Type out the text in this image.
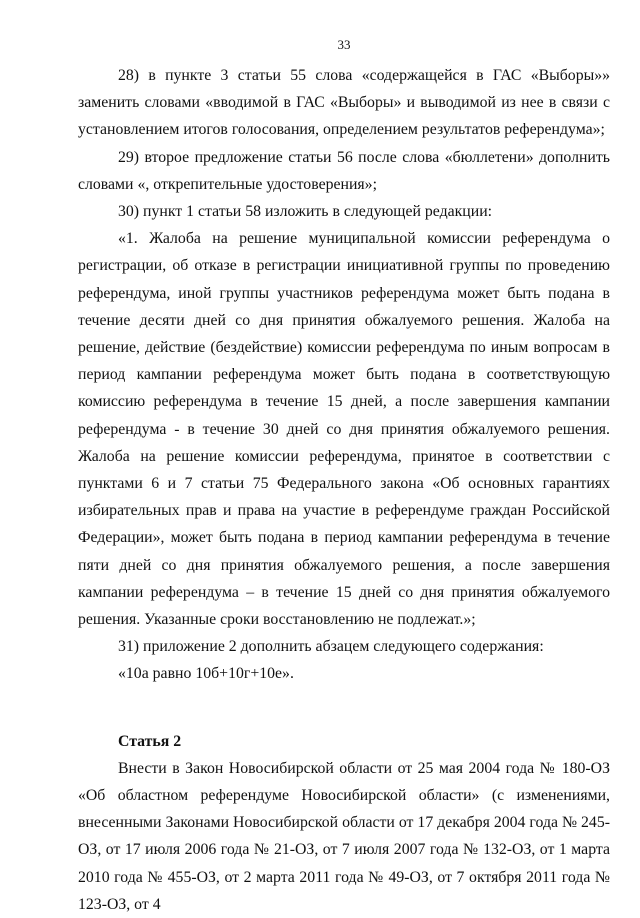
33

28) в пункте 3 статьи 55 слова «содержащейся в ГАС «Выборы»» заменить словами «вводимой в ГАС «Выборы» и выводимой из нее в связи с установлением итогов голосования, определением результатов референдума»;

29) второе предложение статьи 56 после слова «бюллетени» дополнить словами «, открепительные удостоверения»;

30) пункт 1 статьи 58 изложить в следующей редакции:

«1. Жалоба на решение муниципальной комиссии референдума о регистрации, об отказе в регистрации инициативной группы по проведению референдума, иной группы участников референдума может быть подана в течение десяти дней со дня принятия обжалуемого решения. Жалоба на решение, действие (бездействие) комиссии референдума по иным вопросам в период кампании референдума может быть подана в соответствующую комиссию референдума в течение 15 дней, а после завершения кампании референдума - в течение 30 дней со дня принятия обжалуемого решения. Жалоба на решение комиссии референдума, принятое в соответствии с пунктами 6 и 7 статьи 75 Федерального закона «Об основных гарантиях избирательных прав и права на участие в референдуме граждан Российской Федерации», может быть подана в период кампании референдума в течение пяти дней со дня принятия обжалуемого решения, а после завершения кампании референдума – в течение 15 дней со дня принятия обжалуемого решения. Указанные сроки восстановлению не подлежат.»;

31) приложение 2 дополнить абзацем следующего содержания:

«10а равно 10б+10г+10е».

Статья 2

Внести в Закон Новосибирской области от 25 мая 2004 года № 180-ОЗ «Об областном референдуме Новосибирской области» (с изменениями, внесенными Законами Новосибирской области от 17 декабря 2004 года № 245-ОЗ, от 17 июля 2006 года № 21-ОЗ, от 7 июля 2007 года № 132-ОЗ, от 1 марта 2010 года № 455-ОЗ, от 2 марта 2011 года № 49-ОЗ, от 7 октября 2011 года № 123-ОЗ, от 4
